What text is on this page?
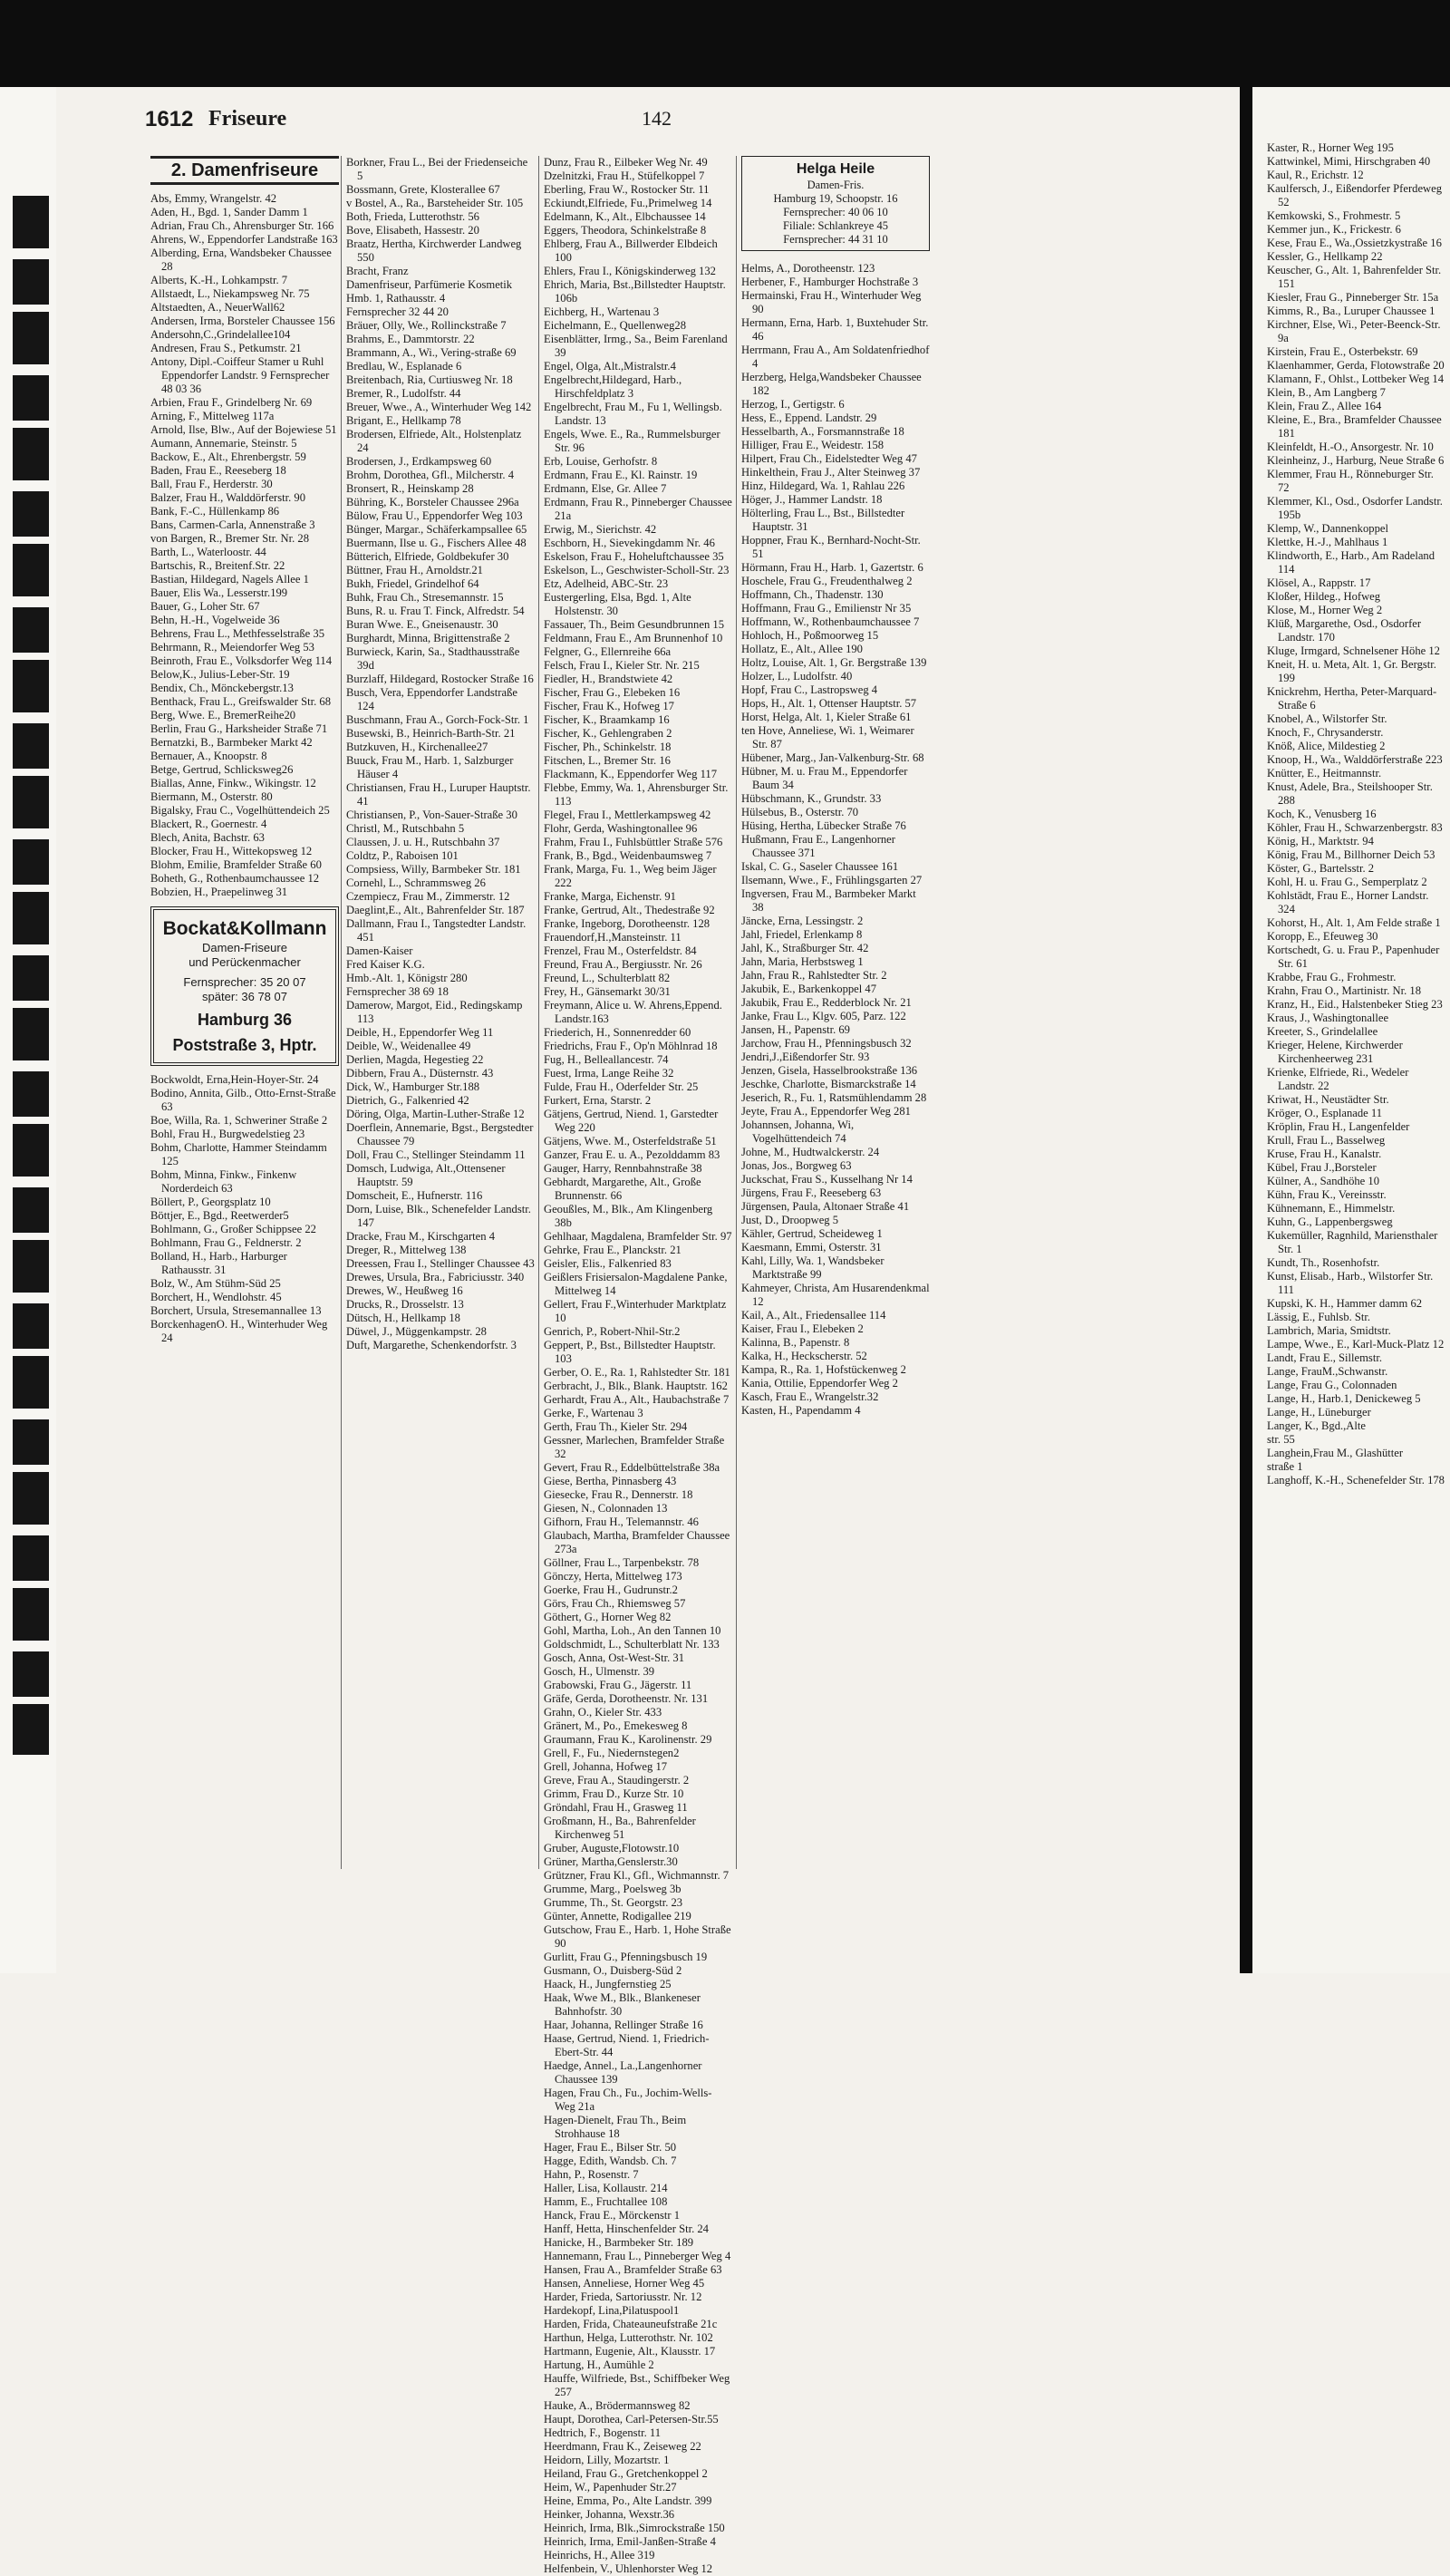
1612 Friseure	142
2. Damenfriseure
Abs, Emmy, Wrangelstr. 42
Aden, H., Bgd. 1, Sander Damm 1
Adrian, Frau Ch., Ahrensburger Str. 166
Ahrens, W., Eppendorfer Landstraße 163
Alberding, Erna, Wandsbeker Chaussee 28
Alberts, K.-H., Lohkampstr. 7
Allstaedt, L., Niekampsweg Nr. 75
Altstaedten, A., NeuerWall62
Andersen, Irma, Borsteler Chaussee 156
Andersohn,C.,Grindelallee104
Andresen, Frau S., Petkumstr. 21
Antony, Dipl.-Coiffeur Stamer u Ruhl Eppendorfer Landstr. 9 Fernsprecher 48 03 36
Arbien, Frau F., Grindelberg Nr. 69
Arning, F., Mittelweg 117a
Arnold, Ilse, Blw., Auf der Bojewiese 51
Aumann, Annemarie, Steinstr. 5
Backow, E., Alt., Ehrenbergstr. 59
Baden, Frau E., Reeseberg 18
Ball, Frau F., Herderstr. 30
Balzer, Frau H., Walddörferstr. 90
Bank, F.-C., Hüllenkamp 86
Bans, Carmen-Carla, Annenstraße 3
von Bargen, R., Bremer Str. Nr. 28
Barth, L., Waterloostr. 44
Bartschis, R., Breitenf.Str. 22
Bastian, Hildegard, Nagels Allee 1
Bauer, Elis Wa., Lesserstr.199
Bauer, G., Loher Str. 67
Behn, H.-H., Vogelweide 36
Behrens, Frau L., Methfesselstraße 35
Behrmann, R., Meiendorfer Weg 53
Beinroth, Frau E., Volksdorfer Weg 114
Below,K., Julius-Leber-Str. 19
Bendix, Ch., Mönckebergstr.13
Benthack, Frau L., Greifswalder Str. 68
Berg, Wwe. E., BremerReihe20
Berlin, Frau G., Harksheider Straße 71
Bernatzki, B., Barmbeker Markt 42
Bernauer, A., Knoopstr. 8
Betge, Gertrud, Schlicksweg26
Biallas, Anne, Finkw., Wikingstr. 12
Biermann, M., Osterstr. 80
Bigalsky, Frau C., Vogelhüttendeich 25
Blackert, R., Goernestr. 4
Blech, Anita, Bachstr. 63
Blocker, Frau H., Wittekopsweg 12
Blohm, Emilie, Bramfelder Straße 60
Boheth, G., Rothenbaumchaussee 12
Bobzien, H., Praepelinweg 31
Bockat&Kollmann
Damen-Friseure
und Perückenmacher
Fernsprecher: 35 20 07
später: 36 78 07
Hamburg 36
Poststraße 3, Hptr.
Bockwoldt, Erna,Hein-Hoyer-Str. 24
Bodino, Annita, Gilb., Otto-Ernst-Straße 63
Boe, Willa, Ra. 1, Schweriner Straße 2
Bohl, Frau H., Burgwedelstieg 23
Bohm, Charlotte, Hammer Steindamm 125
Bohm, Minna, Finkw., Finkenw Norderdeich 63
Böllert, P., Georgsplatz 10
Böttjer, E., Bgd., Reetwerder5
Bohlmann, G., Großer Schippsee 22
Bohlmann, Frau G., Feldnerstr. 2
Bolland, H., Harb., Harburger Rathausstr. 31
Bolz, W., Am Stühm-Süd 25
Borchert, H., Wendlohstr. 45
Borchert, Ursula, Stresemannallee 13
BorckenhagenO. H., Winterhuder Weg 24
Borkner, Frau L., Bei der Friedenseiche 5
Bossmann, Grete, Klosterallee 67
v Bostel, A., Ra., Barsteheider Str. 105
Both, Frieda, Lutterothstr. 56
Bove, Elisabeth, Hassestr. 20
Braatz, Hertha, Kirchwerder Landweg 550
Bracht, Franz
Damenfriseur, Parfümerie Kosmetik
Hmb. 1, Rathausstr. 4
Fernsprecher 32 44 20
Bräuer, Olly, We., Rollinckstraße 7
Brahms, E., Dammtorstr. 22
Brammann, A., Wi., Vering-straße 69
Bredlau, W., Esplanade 6
Breitenbach, Ria, Curtiusweg Nr. 18
Bremer, R., Ludolfstr. 44
Breuer, Wwe., A., Winterhuder Weg 142
Brigant, E., Hellkamp 78
Brodersen, Elfriede, Alt., Holstenplatz 24
Brodersen, J., Erdkampsweg 60
Brohm, Dorothea, Gfl., Milcherstr. 4
Bronsert, R., Heinskamp 28
Bühring, K., Borsteler Chaussee 296a
Bülow, Frau U., Eppendorfer Weg 103
Bünger, Margar., Schäferkampsallee 65
Buermann, Ilse u. G., Fischers Allee 48
Bütterich, Elfriede, Goldbekufer 30
Büttner, Frau H., Arnoldstr.21
Bukh, Friedel, Grindelhof 64
Buhk, Frau Ch., Stresemannstr. 15
Buns, R. u. Frau T. Finck, Alfredstr. 54
Buran Wwe. E., Gneisenaustr. 30
Burghardt, Minna, Brigittenstraße 2
Burwieck, Karin, Sa., Stadthausstraße 39d
Burzlaff, Hildegard, Rostocker Straße 16
Busch, Vera, Eppendorfer Landstraße 124
Buschmann, Frau A., Gorch-Fock-Str. 1
Busewski, B., Heinrich-Barth-Str. 21
Butzkuven, H., Kirchenallee27
Buuck, Frau M., Harb. 1, Salzburger Häuser 4
Christiansen, Frau H., Luruper Hauptstr. 41
Christiansen, P., Von-Sauer-Straße 30
Christl, M., Rutschbahn 5
Claussen, J. u. H., Rutschbahn 37
Coldtz, P., Raboisen 101
Compsiess, Willy, Barmbeker Str. 181
Cornehl, L., Schrammsweg 26
Czempiecz, Frau M., Zimmerstr. 12
Daeglint,E., Alt., Bahrenfelder Str. 187
Dallmann, Frau I., Tangstedter Landstr. 451
Damen-Kaiser
Fred Kaiser K.G.
Hmb.-Alt. 1, Königstr 280
Fernsprecher 38 69 18
Damerow, Margot, Eid., Redingskamp 113
Deible, H., Eppendorfer Weg 11
Deible, W., Weidenallee 49
Derlien, Magda, Hegestieg 22
Dibbern, Frau A., Düsternstr. 43
Dick, W., Hamburger Str.188
Dietrich, G., Falkenried 42
Döring, Olga, Martin-Luther-Straße 12
Doerflein, Annemarie, Bgst., Bergstedter Chaussee 79
Doll, Frau C., Stellinger Steindamm 11
Domsch, Ludwiga, Alt.,Ottensener Hauptstr. 59
Domscheit, E., Hufnerstr. 116
Dorn, Luise, Blk., Schenefelder Landstr. 147
Dracke, Frau M., Kirschgarten 4
Dreger, R., Mittelweg 138
Dreessen, Frau I., Stellinger Chaussee 43
Drewes, Ursula, Bra., Fabriciusstr. 340
Drewes, W., Heußweg 16
Drucks, R., Drosselstr. 13
Dütsch, H., Hellkamp 18
Düwel, J., Müggenkampstr. 28
Duft, Margarethe, Schenkendorfstr. 3
Dunz, Frau R., Eilbeker Weg Nr. 49
Dzelnitzki, Frau H., Stüfelkoppel 7
Eberling, Frau W., Rostocker Str. 11
Eckiundt,Elfriede, Fu.,Primelweg 14
Edelmann, K., Alt., Elbchaussee 14
Eggers, Theodora, Schinkelstraße 8
Ehlberg, Frau A., Billwerder Elbdeich 100
Ehlers, Frau I., Königskinderweg 132
Ehrich, Maria, Bst.,Billstedter Hauptstr. 106b
Eichberg, H., Wartenau 3
Eichelmann, E., Quellenweg28
Eisenblätter, Irmg., Sa., Beim Farenland 39
Engel, Olga, Alt.,Mistralstr.4
Engelbrecht,Hildegard, Harb., Hirschfeldplatz 3
Engelbrecht, Frau M., Fu 1, Wellingsb. Landstr. 13
Engels, Wwe. E., Ra., Rummelsburger Str. 96
Erb, Louise, Gerhofstr. 8
Erdmann, Frau E., Kl. Rainstr. 19
Erdmann, Else, Gr. Allee 7
Erdmann, Frau R., Pinneberger Chaussee 21a
Erwig, M., Sierichstr. 42
Eschborn, H., Sievekingdamm Nr. 46
Eskelson, Frau F., Hoheluftchaussee 35
Eskelson, L., Geschwister-Scholl-Str. 23
Etz, Adelheid, ABC-Str. 23
Eustergerling, Elsa, Bgd. 1, Alte Holstenstr. 30
Fassauer, Th., Beim Gesundbrunnen 15
Feldmann, Frau E., Am Brunnenhof 10
Felgner, G., Ellernreihe 66a
Felsch, Frau I., Kieler Str. Nr. 215
Fiedler, H., Brandstwiete 42
Fischer, Frau G., Elebeken 16
Fischer, Frau K., Hofweg 17
Fischer, K., Braamkamp 16
Fischer, K., Gehlengraben 2
Fischer, Ph., Schinkelstr. 18
Fitschen, L., Bremer Str. 16
Flackmann, K., Eppendorfer Weg 117
Flebbe, Emmy, Wa. 1, Ahrensburger Str. 113
Flegel, Frau I., Mettlerkampsweg 42
Flohr, Gerda, Washingtonallee 96
Frahm, Frau I., Fuhlsbüttler Straße 576
Frank, B., Bgd., Weidenbaumsweg 7
Frank, Marga, Fu. 1., Weg beim Jäger 222
Franke, Marga, Eichenstr. 91
Franke, Gertrud, Alt., Thedestraße 92
Franke, Ingeborg, Dorotheenstr. 128
Frauendorf,H.,Mansteinstr. 11
Frenzel, Frau M., Osterfeldstr. 84
Freund, Frau A., Bergiusstr. Nr. 26
Freund, L., Schulterblatt 82
Frey, H., Gänsemarkt 30/31
Freymann, Alice u. W. Ahrens,Eppend. Landstr.163
Friederich, H., Sonnenredder 60
Friedrichs, Frau F., Op'n Möhlnrad 18
Fug, H., Belleallancestr. 74
Fuest, Irma, Lange Reihe 32
Fulde, Frau H., Oderfelder Str. 25
Furkert, Erna, Starstr. 2
Gätjens, Gertrud, Niend. 1, Garstedter Weg 220
Gätjens, Wwe. M., Osterfeldstraße 51
Ganzer, Frau E. u. A., Pezolddamm 83
Gauger, Harry, Rennbahnstraße 38
Gebhardt, Margarethe, Alt., Große Brunnenstr. 66
Geoußles, M., Blk., Am Klingenberg 38b
Gehlhaar, Magdalena, Bramfelder Str. 97
Gehrke, Frau E., Planckstr. 21
Geisler, Elis., Falkenried 83
Geißlers Frisiersalon-Magdalene Panke, Mittelweg 14
Gellert, Frau F.,Winterhuder Marktplatz 10
Genrich, P., Robert-Nhil-Str.2
Geppert, P., Bst., Billstedter Hauptstr. 103
Gerber, O. E., Ra. 1, Rahlstedter Str. 181
Gerbracht, J., Blk., Blank. Hauptstr. 162
Gerhardt, Frau A., Alt., Haubachstraße 7
Gerke, F., Wartenau 3
Gerth, Frau Th., Kieler Str. 294
Gessner, Marlechen, Bramfelder Straße 32
Gevert, Frau R., Eddelbüttelstraße 38a
Giese, Bertha, Pinnasberg 43
Giesecke, Frau R., Dennerstr. 18
Giesen, N., Colonnaden 13
Gifhorn, Frau H., Telemannstr. 46
Glaubach, Martha, Bramfelder Chaussee 273a
Göllner, Frau L., Tarpenbekstr. 78
Gönczy, Herta, Mittelweg 173
Goerke, Frau H., Gudrunstr.2
Görs, Frau Ch., Rhiemsweg 57
Göthert, G., Horner Weg 82
Gohl, Martha, Loh., An den Tannen 10
Goldschmidt, L., Schulterblatt Nr. 133
Gosch, Anna, Ost-West-Str. 31
Gosch, H., Ulmenstr. 39
Grabowski, Frau G., Jägerstr. 11
Gräfe, Gerda, Dorotheenstr. Nr. 131
Grahn, O., Kieler Str. 433
Gränert, M., Po., Emekesweg 8
Graumann, Frau K., Karolinenstr. 29
Grell, F., Fu., Niedernstegen2
Grell, Johanna, Hofweg 17
Greve, Frau A., Staudingerstr. 2
Grimm, Frau D., Kurze Str. 10
Gröndahl, Frau H., Grasweg 11
Großmann, H., Ba., Bahrenfelder Kirchenweg 51
Gruber, Auguste,Flotowstr.10
Grüner, Martha,Genslerstr.30
Grützner, Frau Kl., Gfl., Wichmannstr. 7
Grumme, Marg., Poelsweg 3b
Grumme, Th., St. Georgstr. 23
Günter, Annette, Rodigallee 219
Gutschow, Frau E., Harb. 1, Hohe Straße 90
Gurlitt, Frau G., Pfenningsbusch 19
Gusmann, O., Duisberg-Süd 2
Haack, H., Jungfernstieg 25
Haak, Wwe M., Blk., Blankeneser Bahnhofstr. 30
Haar, Johanna, Rellinger Straße 16
Haase, Gertrud, Niend. 1, Friedrich-Ebert-Str. 44
Haedge, Annel., La.,Langenhorner Chaussee 139
Hagen, Frau Ch., Fu., Jochim-Wells-Weg 21a
Hagen-Dienelt, Frau Th., Beim Strohhause 18
Hager, Frau E., Bilser Str. 50
Hagge, Edith, Wandsb. Ch. 7
Hahn, P., Rosenstr. 7
Haller, Lisa, Kollaustr. 214
Hamm, E., Fruchtallee 108
Hanck, Frau E., Mörckenstr 1
Hanff, Hetta, Hinschenfelder Str. 24
Hanicke, H., Barmbeker Str. 189
Hannemann, Frau L., Pinneberger Weg 4
Hansen, Frau A., Bramfelder Straße 63
Hansen, Anneliese, Horner Weg 45
Harder, Frieda, Sartoriusstr. Nr. 12
Hardekopf, Lina,Pilatuspool1
Harden, Frida, Chateauneufstraße 21c
Harthun, Helga, Lutterothstr. Nr. 102
Hartmann, Eugenie, Alt., Klausstr. 17
Hartung, H., Aumühle 2
Hauffe, Wilfriede, Bst., Schiffbeker Weg 257
Hauke, A., Brödermannsweg 82
Haupt, Dorothea, Carl-Petersen-Str.55
Hedtrich, F., Bogenstr. 11
Heerdmann, Frau K., Zeiseweg 22
Heidorn, Lilly, Mozartstr. 1
Heiland, Frau G., Gretchenkoppel 2
Heim, W., Papenhuder Str.27
Heine, Emma, Po., Alte Landstr. 399
Heinker, Johanna, Wexstr.36
Heinrich, Irma, Blk.,Simrockstraße 150
Heinrich, Irma, Emil-Janßen-Straße 4
Heinrichs, H., Allee 319
Helfenbein, V., Uhlenhorster Weg 12
Helga Heile
Damen-Fris.
Hamburg 19, Schoopstr. 16
Fernsprecher: 40 06 10
Filiale: Schlankreye 45
Fernsprecher: 44 31 10
Helms, A., Dorotheenstr. 123
Herbener, F., Hamburger Hochstraße 3
Hermainski, Frau H., Winterhuder Weg 90
Hermann, Erna, Harb. 1, Buxtehuder Str. 46
Herrmann, Frau A., Am Soldatenfriedhof 4
Herzberg, Helga,Wandsbeker Chaussee 182
Herzog, I., Gertigstr. 6
Hess, E., Eppend. Landstr. 29
Hesselbarth, A., Forsmannstraße 18
Hilliger, Frau E., Weidestr. 158
Hilpert, Frau Ch., Eidelstedter Weg 47
Hinkelthein, Frau J., Alter Steinweg 37
Hinz, Hildegard, Wa. 1, Rahlau 226
Höger, J., Hammer Landstr. 18
Hölterling, Frau L., Bst., Billstedter Hauptstr. 31
Hoppner, Frau K., Bernhard-Nocht-Str. 51
Hörmann, Frau H., Harb. 1, Gazertstr. 6
Hoschele, Frau G., Freudenthalweg 2
Hoffmann, Ch., Thadenstr. 130
Hoffmann, Frau G., Emilienstr Nr 35
Hoffmann, W., Rothenbaumchaussee 7
Hohloch, H., Poßmoorweg 15
Hollatz, E., Alt., Allee 190
Holtz, Louise, Alt. 1, Gr. Bergstraße 139
Holzer, L., Ludolfstr. 40
Hopf, Frau C., Lastropsweg 4
Hops, H., Alt. 1, Ottenser Hauptstr. 57
Horst, Helga, Alt. 1, Kieler Straße 61
ten Hove, Anneliese, Wi. 1, Weimarer Str. 87
Hübener, Marg., Jan-Valkenburg-Str. 68
Hübner, M. u. Frau M., Eppendorfer Baum 34
Hübschmann, K., Grundstr. 33
Hülsebus, B., Osterstr. 70
Hüsing, Hertha, Lübecker Straße 76
Hußmann, Frau E., Langenhorner Chaussee 371
Iskal, C. G., Saseler Chaussee 161
Ilsemann, Wwe., F., Frühlingsgarten 27
Ingversen, Frau M., Barmbeker Markt 38
Jäncke, Erna, Lessingstr. 2
Jahl, Friedel, Erlenkamp 8
Jahl, K., Straßburger Str. 42
Jahn, Maria, Herbstsweg 1
Jahn, Frau R., Rahlstedter Str. 2
Jakubik, E., Barkenkoppel 47
Jakubik, Frau E., Redderblock Nr. 21
Janke, Frau L., Klgv. 605, Parz. 122
Jansen, H., Papenstr. 69
Jarchow, Frau H., Pfenningsbusch 32
Jendri,J.,Eißendorfer Str. 93
Jenzen, Gisela, Hasselbrookstraße 136
Jeschke, Charlotte, Bismarckstraße 14
Jeserich, R., Fu. 1, Ratsmühlendamm 28
Jeyte, Frau A., Eppendorfer Weg 281
Johannsen, Johanna, Wi, Vogelhüttendeich 74
Johne, M., Hudtwalckerstr. 24
Jonas, Jos., Borgweg 63
Juckschat, Frau S., Kusselhang Nr 14
Jürgens, Frau F., Reeseberg 63
Jürgensen, Paula, Altonaer Straße 41
Just, D., Droopweg 5
Kähler, Gertrud, Scheideweg 1
Kaesmann, Emmi, Osterstr. 31
Kahl, Lilly, Wa. 1, Wandsbeker Marktstraße 99
Kahmeyer, Christa, Am Husarendenkmal 12
Kail, A., Alt., Friedensallee 114
Kaiser, Frau I., Elebeken 2
Kalinna, B., Papenstr. 8
Kalka, H., Heckscherstr. 52
Kampa, R., Ra. 1, Hofstückenweg 2
Kania, Ottilie, Eppendorfer Weg 2
Kasch, Frau E., Wrangelstr.32
Kasten, H., Papendamm 4
Kaster, R., Horner Weg 195
Kattwinkel, Mimi, Hirschgraben 40
Kaul, R., Erichstr. 12
Kaulfersch, J., Eißendorfer Pferdeweg 52
Kemkowski, S., Frohmestr. 5
Kemmer jun., K., Frickestr. 6
Kese, Frau E., Wa.,Ossietzkystraße 16
Kessler, G., Hellkamp 22
Keuscher, G., Alt. 1, Bahrenfelder Str. 151
Kiesler, Frau G., Pinneberger Str. 15a
Kimms, R., Ba., Luruper Chaussee 1
Kirchner, Else, Wi., Peter-Beenck-Str. 9a
Kirstein, Frau E., Osterbekstr. 69
Klaenhammer, Gerda, Flotowstraße 20
Klamann, F., Ohlst., Lottbeker Weg 14
Klein, B., Am Langberg 7
Klein, Frau Z., Allee 164
Kleine, E., Bra., Bramfelder Chaussee 181
Kleinfeldt, H.-O., Ansorgestr. Nr. 10
Kleinheinz, J., Harburg, Neue Straße 6
Klemmer, Frau H., Rönneburger Str. 72
Klemmer, Kl., Osd., Osdorfer Landstr. 195b
Klemp, W., Dannenkoppel
Klettke, H.-J., Mahlhaus 1
Klindworth, E., Harb., Am Radeland 114
Klösel, A., Rappstr. 17
Kloßer, Hildeg., Hofweg
Klose, M., Horner Weg 2
Klüß, Margarethe, Osd., Osdorfer Landstr. 170
Kluge, Irmgard, Schnelsener Höhe 12
Kneit, H. u. Meta, Alt. 1, Gr. Bergstr. 199
Knickrehm, Hertha, Peter-Marquard-Straße 6
Knobel, A., Wilstorfer Str.
Knoch, F., Chrysanderstr.
Knöß, Alice, Mildestieg 2
Knoop, H., Wa., Walddörferstraße 223
Knütter, E., Heitmannstr.
Knust, Adele, Bra., Steilshooper Str. 288
Koch, K., Venusberg 16
Köhler, Frau H., Schwarzenbergstr. 83
König, H., Marktstr. 94
König, Frau M., Billhorner Deich 53
Köster, G., Bartelsstr. 2
Kohl, H. u. Frau G., Semperplatz 2
Kohlstädt, Frau E., Horner Landstr. 324
Kohorst, H., Alt. 1, Am Felde straße 1
Koropp, E., Efeuweg 30
Kortschedt, G. u. Frau P., Papenhuder Str. 61
Krabbe, Frau G., Frohmestr.
Krahn, Frau O., Martinistr. Nr. 18
Kranz, H., Eid., Halstenbeker Stieg 23
Kraus, J., Washingtonallee
Kreeter, S., Grindelallee
Krieger, Helene, Kirchwerder Kirchenheerweg 231
Krienke, Elfriede, Ri., Wedeler Landstr. 22
Kriwat, H., Neustädter Str.
Kröger, O., Esplanade 11
Kröplin, Frau H., Langenfelder
Krull, Frau L., Basselweg
Kruse, Frau H., Kanalstr.
Kübel, Frau J.,Borsteler
Külner, A., Sandhöhe 10
Kühn, Frau K., Vereinsstr.
Kühnemann, E., Himmelstr.
Kuhn, G., Lappenbergsweg
Kukemüller, Ragnhild, Mariensthaler Str. 1
Kundt, Th., Rosenhofstr.
Kunst, Elisab., Harb., Wilstorfer Str. 111
Kupski, K. H., Hammer damm 62
Lässig, E., Fuhlsb. Str.
Lambrich, Maria, Smidtstr.
Lampe, Wwe., E., Karl-Muck-Platz 12
Landt, Frau E., Sillemstr.
Lange, FrauM.,Schwanstr.
Lange, Frau G., Colonnaden
Lange, H., Harb.1, Denickeweg 5
Lange, H., Lüneburger
Langer, K., Bgd.,Alte
str. 55
Langhein,Frau M., Glashütter
straße 1
Langhoff, K.-H., Schenefelder Str. 178
